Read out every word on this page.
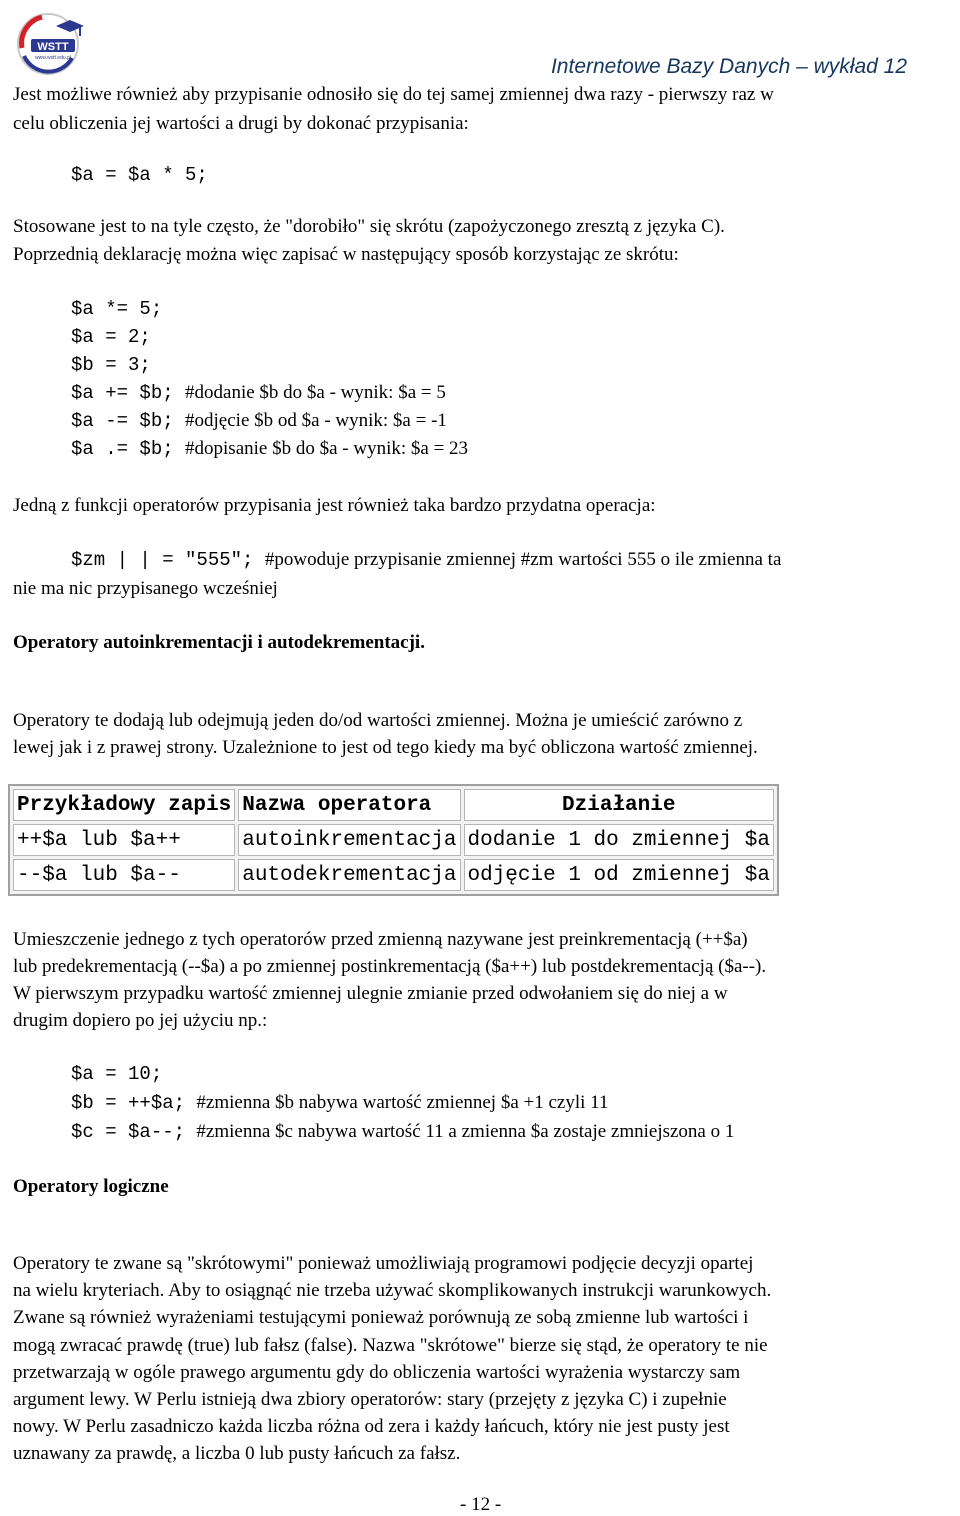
WSTT
www.wstt.edu.pl	Internetowe Bazy Danych – wykład 12
Jest możliwe również aby przypisanie odnosiło się do tej samej zmiennej dwa razy - pierwszy raz w
celu obliczenia jej wartości a drugi by dokonać przypisania:
$a = $a * 5;
Stosowane jest to na tyle często, że "dorobiło" się skrótu (zapożyczonego zresztą z języka C).
Poprzednią deklarację można więc zapisać w następujący sposób korzystając ze skrótu:
$a *= 5;
$a = 2;
$b = 3;
$a += $b; #dodanie $b do $a - wynik: $a = 5
$a -= $b; #odjęcie $b od $a - wynik: $a = -1
$a .= $b; #dopisanie $b do $a - wynik: $a = 23
Jedną z funkcji operatorów przypisania jest również taka bardzo przydatna operacja:
$zm | | = "555"; #powoduje przypisanie zmiennej #zm wartości 555 o ile zmienna ta
nie ma nic przypisanego wcześniej
Operatory autoinkrementacji i autodekrementacji.
Operatory te dodają lub odejmują jeden do/od wartości zmiennej. Można je umieścić zarówno z
lewej jak i z prawej strony. Uzależnione to jest od tego kiedy ma być obliczona wartość zmiennej.
Przykładowy zapis	Nazwa operatora	Działanie
++$a lub $a++	autoinkrementacja	dodanie 1 do zmiennej $a
--$a lub $a--	autodekrementacja	odjęcie 1 od zmiennej $a
Umieszczenie jednego z tych operatorów przed zmienną nazywane jest preinkrementacją (++$a)
lub predekrementacją (--$a) a po zmiennej postinkrementacją ($a++) lub postdekrementacją ($a--).
W pierwszym przypadku wartość zmiennej ulegnie zmianie przed odwołaniem się do niej a w
drugim dopiero po jej użyciu np.:
$a = 10;
$b = ++$a; #zmienna $b nabywa wartość zmiennej $a +1 czyli 11
$c = $a--; #zmienna $c nabywa wartość 11 a zmienna $a zostaje zmniejszona o 1
Operatory logiczne
Operatory te zwane są "skrótowymi" ponieważ umożliwiają programowi podjęcie decyzji opartej
na wielu kryteriach. Aby to osiągnąć nie trzeba używać skomplikowanych instrukcji warunkowych.
Zwane są również wyrażeniami testującymi ponieważ porównują ze sobą zmienne lub wartości i
mogą zwracać prawdę (true) lub fałsz (false). Nazwa "skrótowe" bierze się stąd, że operatory te nie
przetwarzają w ogóle prawego argumentu gdy do obliczenia wartości wyrażenia wystarczy sam
argument lewy. W Perlu istnieją dwa zbiory operatorów: stary (przejęty z języka C) i zupełnie
nowy. W Perlu zasadniczo każda liczba różna od zera i każdy łańcuch, który nie jest pusty jest
uznawany za prawdę, a liczba 0 lub pusty łańcuch za fałsz.
- 12 -
